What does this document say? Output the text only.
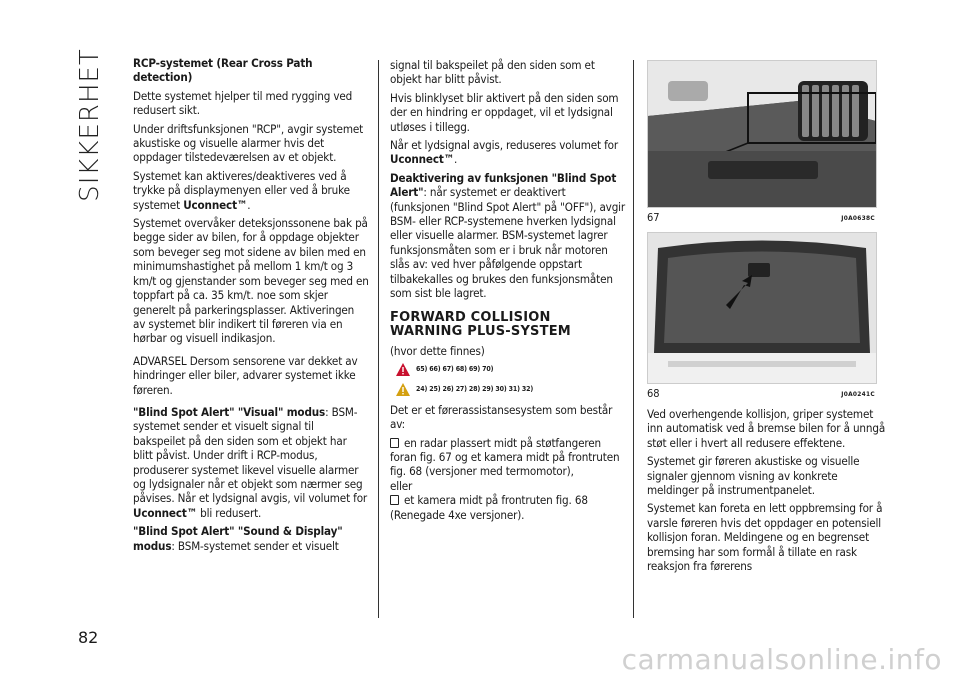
SIKKERHET
82

RCP-systemet (Rear Cross Path detection)

Dette systemet hjelper til med rygging ved redusert sikt.

Under driftsfunksjonen "RCP", avgir systemet akustiske og visuelle alarmer hvis det oppdager tilstedeværelsen av et objekt.

Systemet kan aktiveres/deaktiveres ved å trykke på displaymenyen eller ved å bruke systemet Uconnect™.

Systemet overvåker deteksjonssonene bak på begge sider av bilen, for å oppdage objekter som beveger seg mot sidene av bilen med en minimumshastighet på mellom 1 km/t og 3 km/t og gjenstander som beveger seg med en toppfart på ca. 35 km/t. noe som skjer generelt på parkeringsplasser. Aktiveringen av systemet blir indikert til føreren via en hørbar og visuell indikasjon.

ADVARSEL Dersom sensorene var dekket av hindringer eller biler, advarer systemet ikke føreren.

"Blind Spot Alert" "Visual" modus: BSM-systemet sender et visuelt signal til bakspeilet på den siden som et objekt har blitt påvist. Under drift i RCP-modus, produserer systemet likevel visuelle alarmer og lydsignaler når et objekt som nærmer seg påvises. Når et lydsignal avgis, vil volumet for Uconnect™ bli redusert.

"Blind Spot Alert" "Sound & Display" modus: BSM-systemet sender et visuelt

signal til bakspeilet på den siden som et objekt har blitt påvist.

Hvis blinklyset blir aktivert på den siden som der en hindring er oppdaget, vil et lydsignal utløses i tillegg.

Når et lydsignal avgis, reduseres volumet for Uconnect™.

Deaktivering av funksjonen "Blind Spot Alert": når systemet er deaktivert (funksjonen "Blind Spot Alert" på "OFF"), avgir BSM- eller RCP-systemene hverken lydsignal eller visuelle alarmer. BSM-systemet lagrer funksjonsmåten som er i bruk når motoren slås av: ved hver påfølgende oppstart tilbakekalles og brukes den funksjonsmåten som sist ble lagret.

FORWARD COLLISION WARNING PLUS-SYSTEM

(hvor dette finnes)

65) 66) 67) 68) 69) 70)
24) 25) 26) 27) 28) 29) 30) 31) 32)

Det er et førerassistansesystem som består av:

en radar plassert midt på støtfangeren foran fig. 67 og et kamera midt på frontruten fig. 68 (versjoner med termomotor),

eller

et kamera midt på frontruten fig. 68 (Renegade 4xe versjoner).

67	J0A0638C
68	J0A0241C

Ved overhengende kollisjon, griper systemet inn automatisk ved å bremse bilen for å unngå støt eller i hvert all redusere effektene.

Systemet gir føreren akustiske og visuelle signaler gjennom visning av konkrete meldinger på instrumentpanelet.

Systemet kan foreta en lett oppbremsing for å varsle føreren hvis det oppdager en potensiell kollisjon foran. Meldingene og en begrenset bremsing har som formål å tillate en rask reaksjon fra førerens

carmanualsonline.info
